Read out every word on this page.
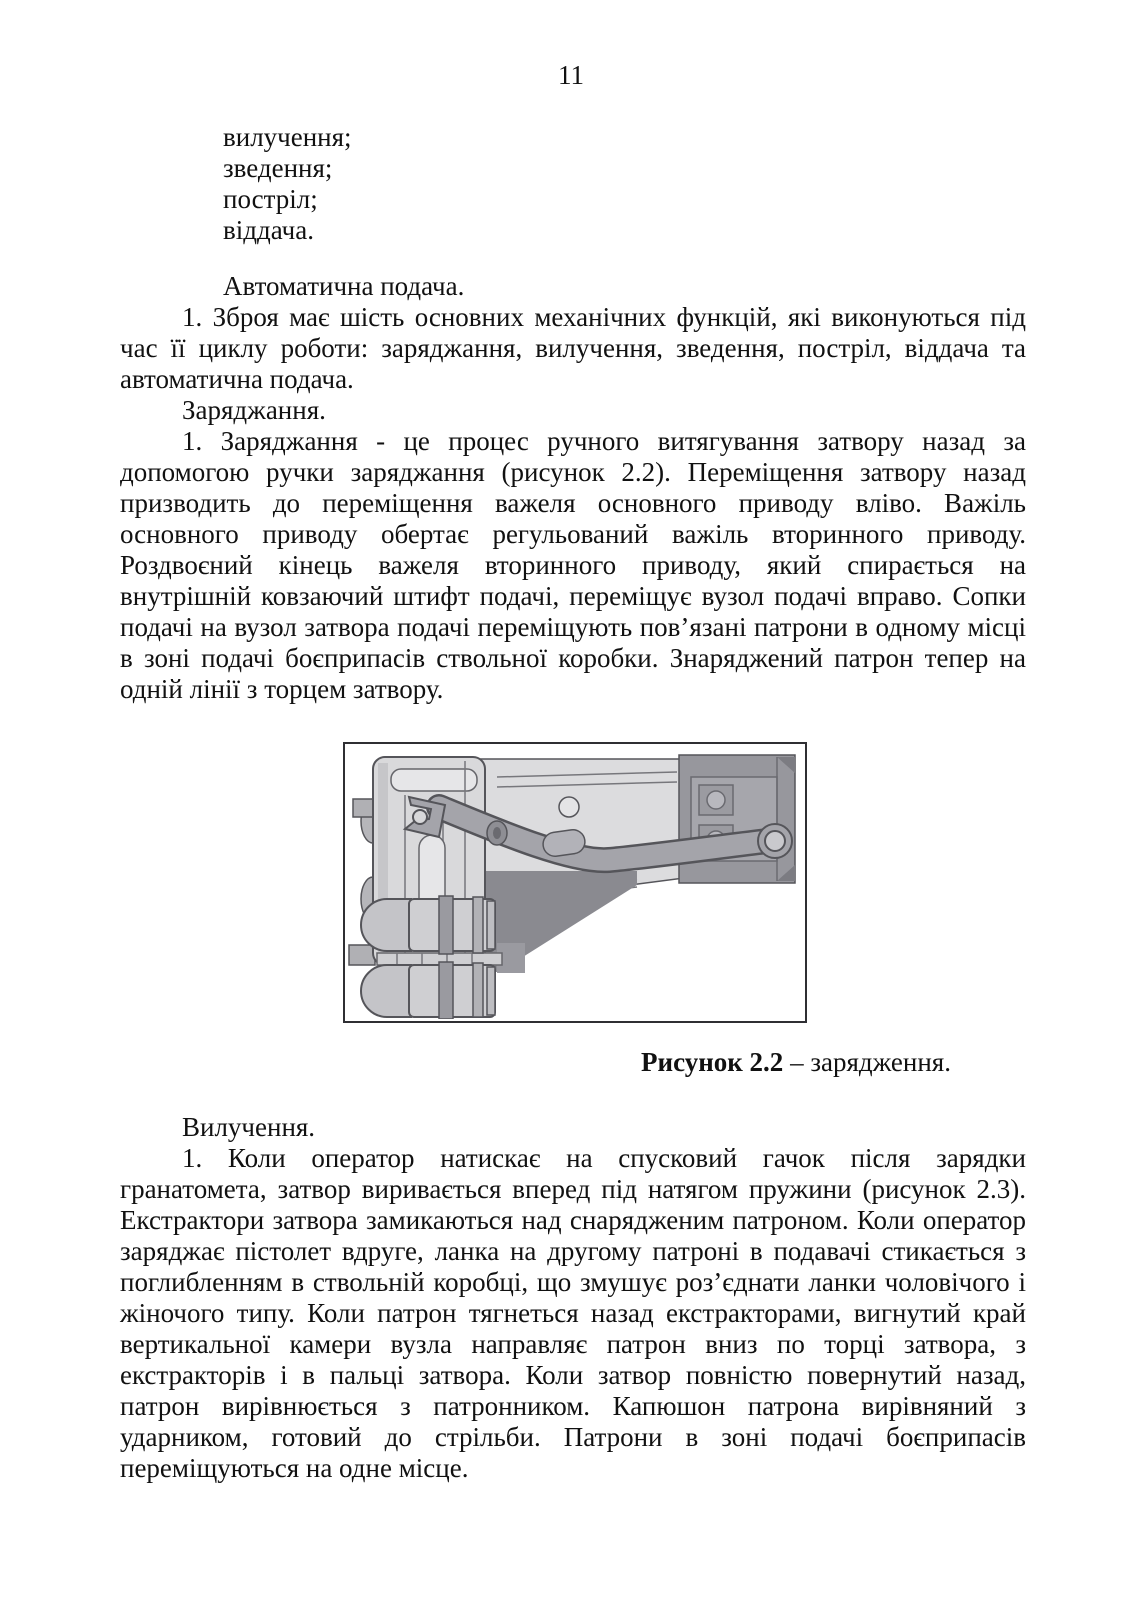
11
вилучення;
зведення;
постріл;
віддача.

Автоматична подача.

1. Зброя має шість основних механічних функцій, які виконуються під час її циклу роботи: заряджання, вилучення, зведення, постріл, віддача та автоматична подача.

Заряджання.

1. Заряджання - це процес ручного витягування затвору назад за допомогою ручки заряджання (рисунок 2.2). Переміщення затвору назад призводить до переміщення важеля основного приводу вліво. Важіль основного приводу обертає регульований важіль вторинного приводу. Роздвоєний кінець важеля вторинного приводу, який спирається на внутрішній ковзаючий штифт подачі, переміщує вузол подачі вправо. Сопки подачі на вузол затвора подачі переміщують пов’язані патрони в одному місці в зоні подачі боєприпасів ствольної коробки. Знаряджений патрон тепер на одній лінії з торцем затвору.

Рисунок 2.2 – зарядження.

Вилучення.

1. Коли оператор натискає на спусковий гачок після зарядки гранатомета, затвор виривається вперед під натягом пружини (рисунок 2.3). Екстрактори затвора замикаються над снарядженим патроном. Коли оператор заряджає пістолет вдруге, ланка на другому патроні в подавачі стикається з поглибленням в ствольній коробці, що змушує роз’єднати ланки чоловічого і жіночого типу. Коли патрон тягнеться назад екстракторами, вигнутий край вертикальної камери вузла направляє патрон вниз по торці затвора, з екстракторів і в пальці затвора. Коли затвор повністю повернутий назад, патрон вирівнюється з патронником. Капюшон патрона вирівняний з ударником, готовий до стрільби. Патрони в зоні подачі боєприпасів переміщуються на одне місце.
